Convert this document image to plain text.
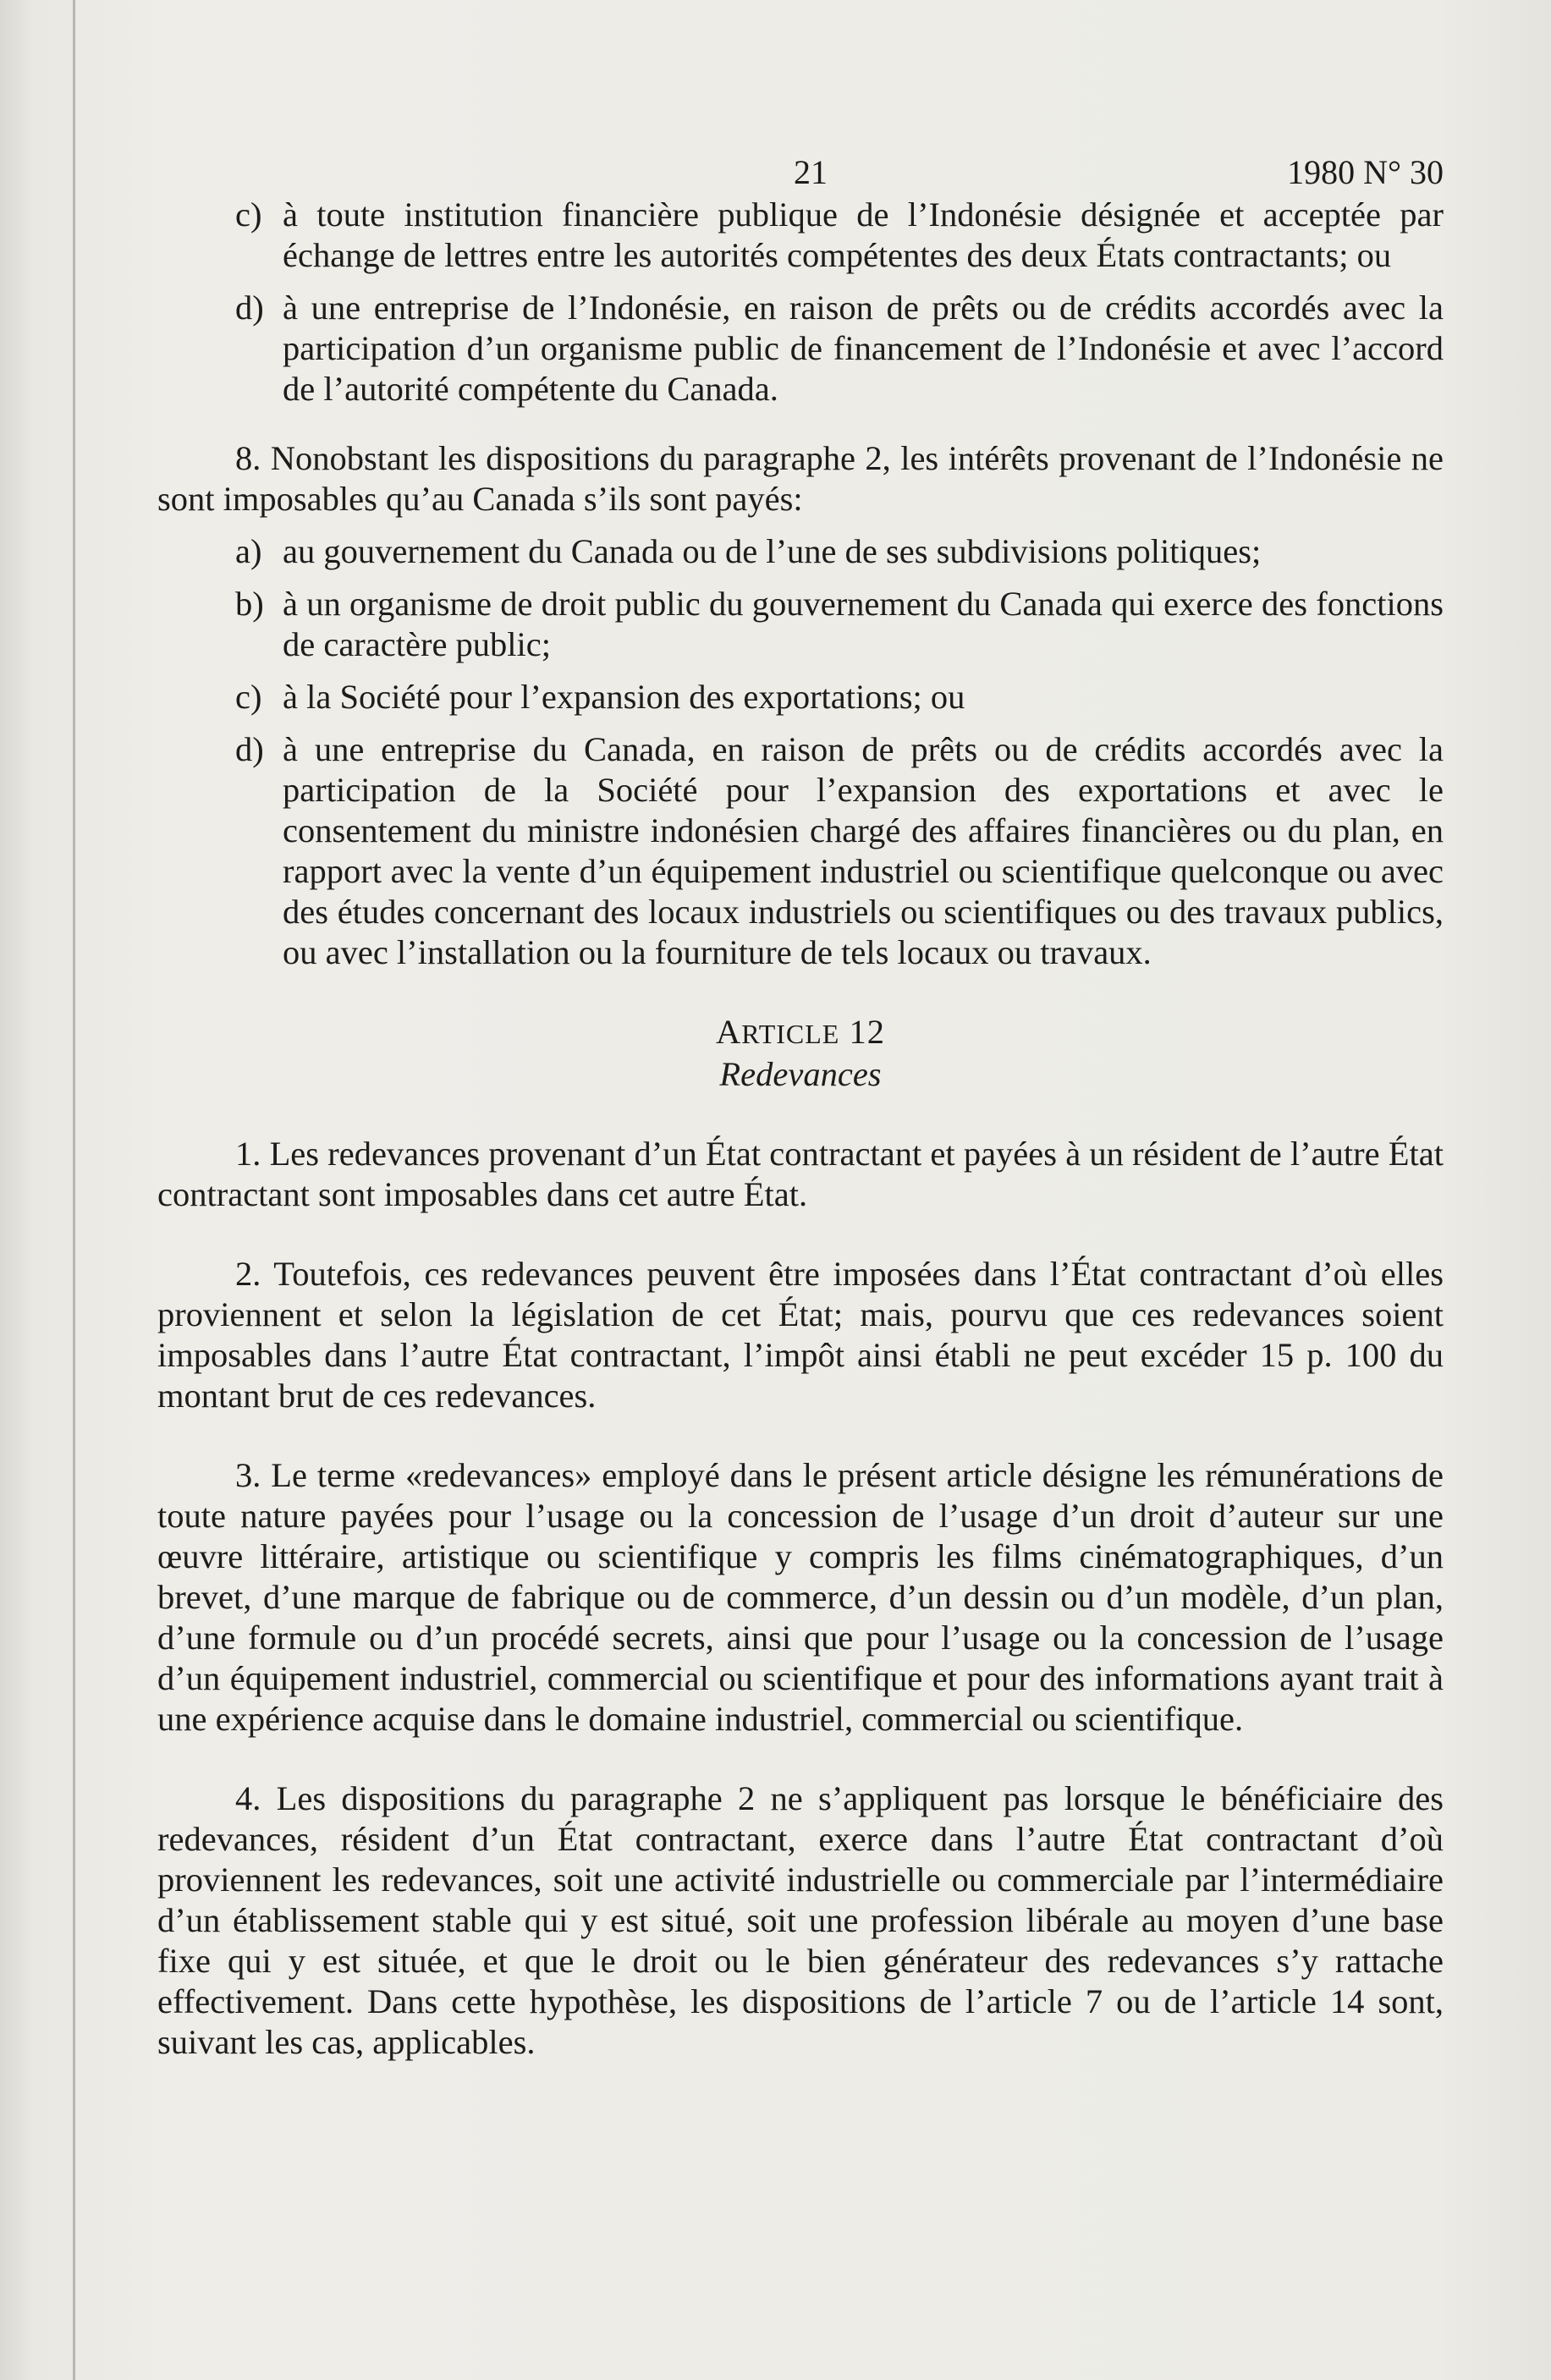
21	1980 N° 30
c) à toute institution financière publique de l’Indonésie désignée et acceptée par échange de lettres entre les autorités compétentes des deux États contractants; ou
d) à une entreprise de l’Indonésie, en raison de prêts ou de crédits accordés avec la participation d’un organisme public de financement de l’Indonésie et avec l’accord de l’autorité compétente du Canada.

8. Nonobstant les dispositions du paragraphe 2, les intérêts provenant de l’Indonésie ne sont imposables qu’au Canada s’ils sont payés:

a) au gouvernement du Canada ou de l’une de ses subdivisions politiques;
b) à un organisme de droit public du gouvernement du Canada qui exerce des fonctions de caractère public;
c) à la Société pour l’expansion des exportations; ou
d) à une entreprise du Canada, en raison de prêts ou de crédits accordés avec la participation de la Société pour l’expansion des exportations et avec le consentement du ministre indonésien chargé des affaires financières ou du plan, en rapport avec la vente d’un équipement industriel ou scientifique quelconque ou avec des études concernant des locaux industriels ou scientifiques ou des travaux publics, ou avec l’installation ou la fourniture de tels locaux ou travaux.
ARTICLE 12
Redevances

1. Les redevances provenant d’un État contractant et payées à un résident de l’autre État contractant sont imposables dans cet autre État.

2. Toutefois, ces redevances peuvent être imposées dans l’État contractant d’où elles proviennent et selon la législation de cet État; mais, pourvu que ces redevances soient imposables dans l’autre État contractant, l’impôt ainsi établi ne peut excéder 15 p. 100 du montant brut de ces redevances.

3. Le terme «redevances» employé dans le présent article désigne les rémunérations de toute nature payées pour l’usage ou la concession de l’usage d’un droit d’auteur sur une œuvre littéraire, artistique ou scientifique y compris les films cinématographiques, d’un brevet, d’une marque de fabrique ou de commerce, d’un dessin ou d’un modèle, d’un plan, d’une formule ou d’un procédé secrets, ainsi que pour l’usage ou la concession de l’usage d’un équipement industriel, commercial ou scientifique et pour des informations ayant trait à une expérience acquise dans le domaine industriel, commercial ou scientifique.

4. Les dispositions du paragraphe 2 ne s’appliquent pas lorsque le bénéficiaire des redevances, résident d’un État contractant, exerce dans l’autre État contractant d’où proviennent les redevances, soit une activité industrielle ou commerciale par l’intermédiaire d’un établissement stable qui y est situé, soit une profession libérale au moyen d’une base fixe qui y est située, et que le droit ou le bien générateur des redevances s’y rattache effectivement. Dans cette hypothèse, les dispositions de l’article 7 ou de l’article 14 sont, suivant les cas, applicables.
